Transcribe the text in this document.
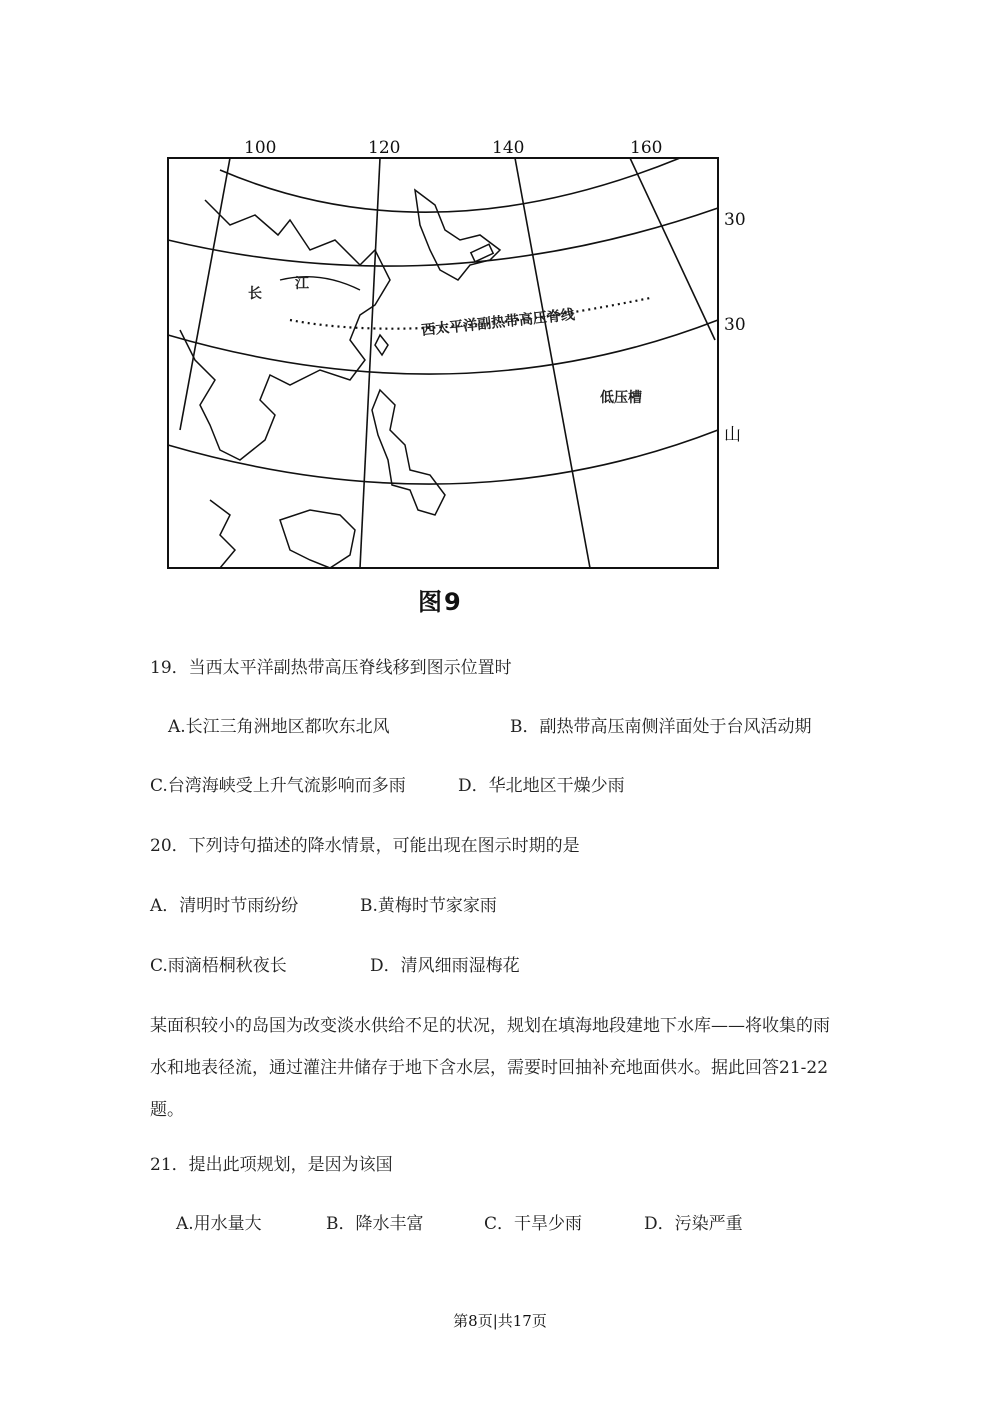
100	120	140	160
30
30
山
长
江
西太平洋副热带高压脊线
低压槽
图9
19．当西太平洋副热带高压脊线移到图示位置时
A.长江三角洲地区都吹东北风	B．副热带高压南侧洋面处于台风活动期
C.台湾海峡受上升气流影响而多雨	D．华北地区干燥少雨
20．下列诗句描述的降水情景，可能出现在图示时期的是
A．清明时节雨纷纷	B.黄梅时节家家雨
C.雨滴梧桐秋夜长	D．清风细雨湿梅花
某面积较小的岛国为改变淡水供给不足的状况，规划在填海地段建地下水库——将收集的雨水和地表径流，通过灌注井储存于地下含水层，需要时回抽补充地面供水。据此回答21-22题。
21．提出此项规划，是因为该国
A.用水量大	B．降水丰富	C．干旱少雨	D．污染严重
第8页|共17页
